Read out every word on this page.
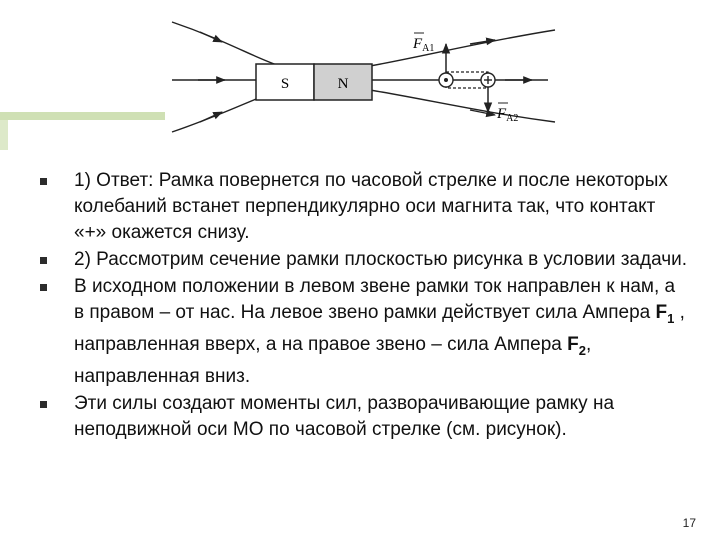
S	N
$F_{A1}$
$F_{A2}$
1) Ответ: Рамка повернется по часовой стрелке и после некоторых колебаний встанет перпендикулярно оси магнита так, что контакт «+» окажется снизу.
2) Рассмотрим сечение рамки плоскостью рисунка в условии задачи.
В исходном положении в левом звене рамки ток направлен к нам, а в правом – от нас. На левое звено рамки действует сила Ампера $F_1$ , направленная вверх, а на правое звено – сила Ампера $F_2$, направленная вниз.
Эти силы создают моменты сил, разворачивающие рамку на неподвижной оси МО по часовой стрелке (см. рисунок).
17
